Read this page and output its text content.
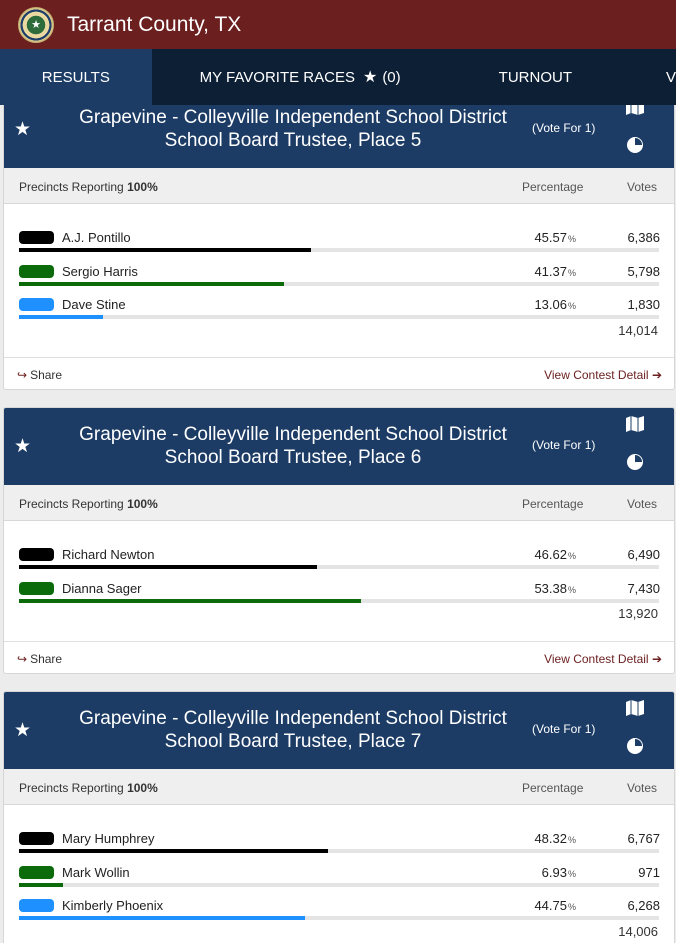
★	Tarrant County, TX
RESULTS	MY FAVORITE RACES ★ (0)	TURNOUT	V
★
Grapevine - Colleyville Independent School District
School Board Trustee, Place 5
(Vote For 1)
Precincts Reporting 100%	Percentage	Votes
14,014
A.J. Pontillo	45.57%	6,386
Sergio Harris	41.37%	5,798
Dave Stine	13.06%	1,830
↪ Share	View Contest Detail ➔
★
Grapevine - Colleyville Independent School District
School Board Trustee, Place 6
(Vote For 1)
Precincts Reporting 100%	Percentage	Votes
13,920
Richard Newton	46.62%	6,490
Dianna Sager	53.38%	7,430
↪ Share	View Contest Detail ➔
★
Grapevine - Colleyville Independent School District
School Board Trustee, Place 7
(Vote For 1)
Precincts Reporting 100%	Percentage	Votes
14,006
Mary Humphrey	48.32%	6,767
Mark Wollin	6.93%	971
Kimberly Phoenix	44.75%	6,268
